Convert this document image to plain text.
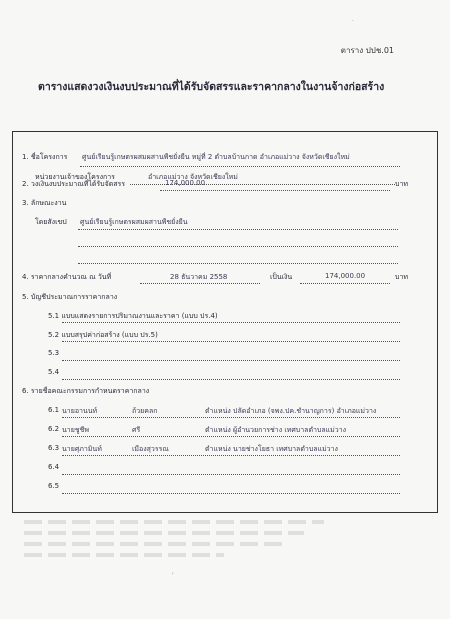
ตาราง ปปช.01
ตารางแสดงวงเงินงบประมาณที่ได้รับจัดสรรและราคากลางในงานจ้างก่อสร้าง
1. ชื่อโครงการ ศูนย์เรียนรู้เกษตรผสมผสานพืชยั่งยืน หมู่ที่ 2 ตำบลบ้านกาด อำเภอแม่วาง จังหวัดเชียงใหม่
หน่วยงานเจ้าของโครงการ	อำเภอแม่วาง จังหวัดเชียงใหม่
2. วงเงินงบประมาณที่ได้รับจัดสรร	174,000.00	บาท
3. ลักษณะงาน
โดยสังเขป ศูนย์เรียนรู้เกษตรผสมผสานพืชยั่งยืน
4. ราคากลางคำนวณ ณ วันที่	28 ธันวาคม 2558	เป็นเงิน	174,000.00	บาท
5. บัญชีประมาณการราคากลาง
5.1 แบบแสดงรายการปริมาณงานและราคา (แบบ ปร.4)
5.2 แบบสรุปค่าก่อสร้าง (แบบ ปร.5)
5.3
5.4
6. รายชื่อคณะกรรมการกำหนดราคากลาง
6.1 นายอานนท์	ถ้วยคลก	ตำแหน่ง ปลัดอำเภอ (จพง.ปค.ชำนาญการ) อำเภอแม่วาง
6.2 นายชูชีพ	ศรี	ตำแหน่ง ผู้อำนวยการช่าง เทศบาลตำบลแม่วาง
6.3 นายศุภามินท์	เมืองสุวรรณ	ตำแหน่ง นายช่างโยธา เทศบาลตำบลแม่วาง
6.4
6.5
'
.
